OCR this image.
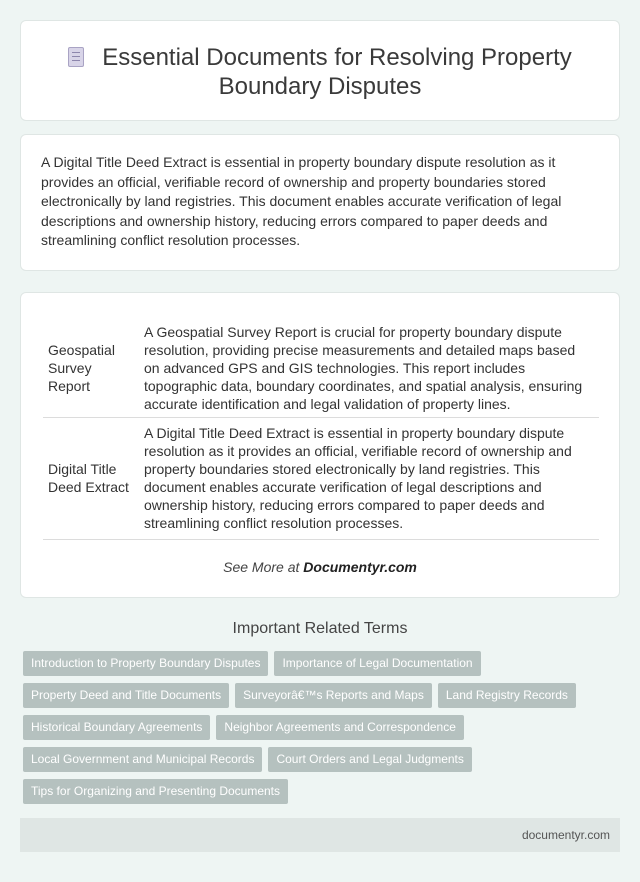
Essential Documents for Resolving Property
Boundary Disputes

A Digital Title Deed Extract is essential in property boundary dispute resolution as it provides an official, verifiable record of ownership and property boundaries stored electronically by land registries. This document enables accurate verification of legal descriptions and ownership history, reducing errors compared to paper deeds and streamlining conflict resolution processes.

Geospatial Survey Report	A Geospatial Survey Report is crucial for property boundary dispute resolution, providing precise measurements and detailed maps based on advanced GPS and GIS technologies. This report includes topographic data, boundary coordinates, and spatial analysis, ensuring accurate identification and legal validation of property lines.
Digital Title Deed Extract	A Digital Title Deed Extract is essential in property boundary dispute resolution as it provides an official, verifiable record of ownership and property boundaries stored electronically by land registries. This document enables accurate verification of legal descriptions and ownership history, reducing errors compared to paper deeds and streamlining conflict resolution processes.
See More at Documentyr.com
Important Related Terms
Introduction to Property Boundary Disputes Importance of Legal Documentation
Property Deed and Title Documents Surveyorâ€™s Reports and Maps Land Registry Records
Historical Boundary Agreements Neighbor Agreements and Correspondence
Local Government and Municipal Records Court Orders and Legal Judgments
Tips for Organizing and Presenting Documents
documentyr.com
